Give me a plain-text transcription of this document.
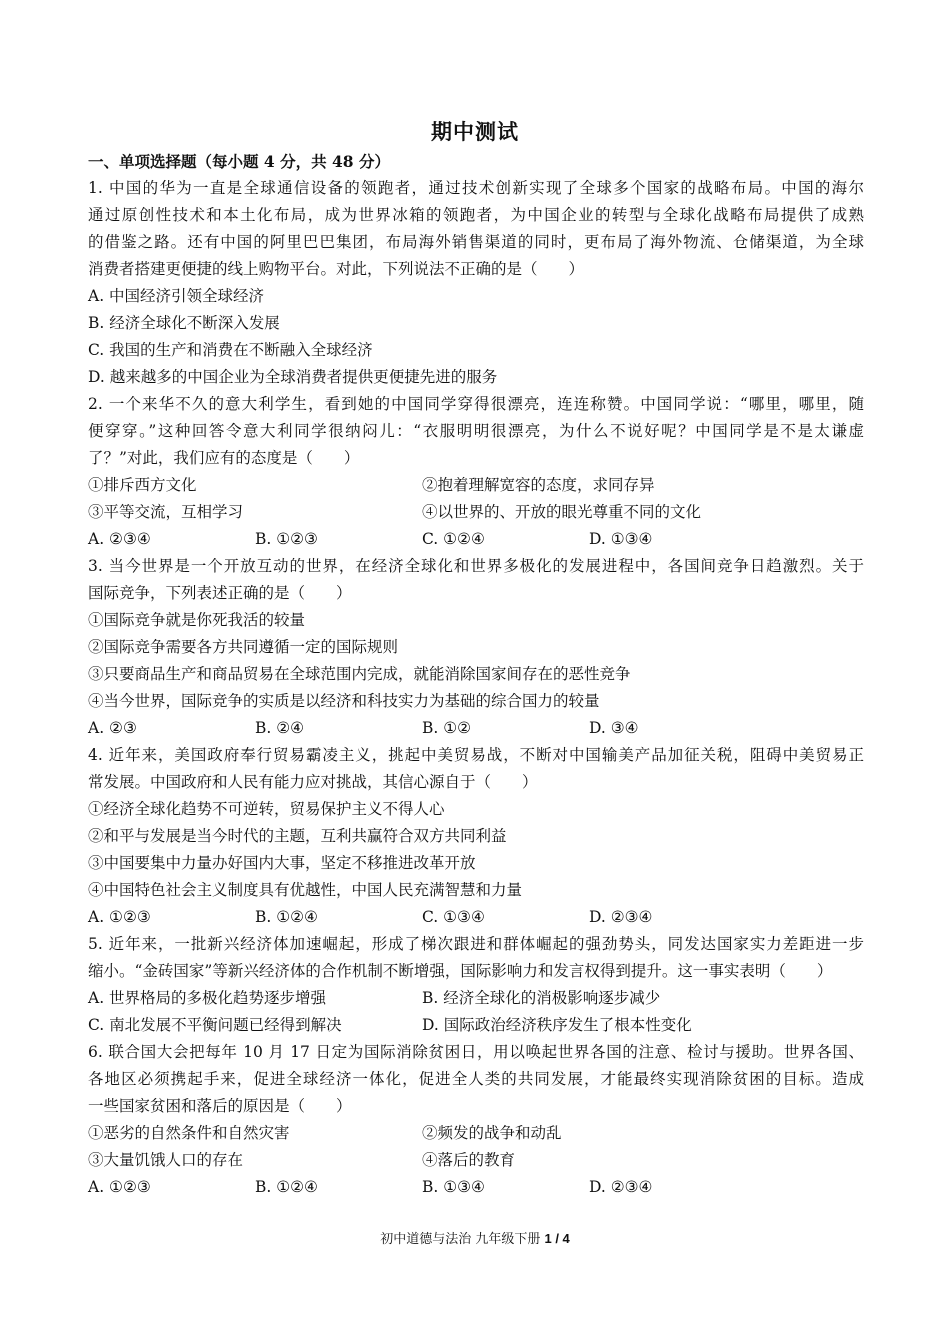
期中测试
一、单项选择题（每小题 4 分，共 48 分）
1. 中国的华为一直是全球通信设备的领跑者，通过技术创新实现了全球多个国家的战略布局。中国的海尔
通过原创性技术和本土化布局，成为世界冰箱的领跑者，为中国企业的转型与全球化战略布局提供了成熟
的借鉴之路。还有中国的阿里巴巴集团，布局海外销售渠道的同时，更布局了海外物流、仓储渠道，为全球
消费者搭建更便捷的线上购物平台。对此，下列说法不正确的是（　　）
A. 中国经济引领全球经济
B. 经济全球化不断深入发展
C. 我国的生产和消费在不断融入全球经济
D. 越来越多的中国企业为全球消费者提供更便捷先进的服务
2. 一个来华不久的意大利学生，看到她的中国同学穿得很漂亮，连连称赞。中国同学说：“哪里，哪里，随
便穿穿。”这种回答令意大利同学很纳闷儿：“衣服明明很漂亮，为什么不说好呢？中国同学是不是太谦虚
了？”对此，我们应有的态度是（　　）
①排斥西方文化	②抱着理解宽容的态度，求同存异
③平等交流，互相学习	④以世界的、开放的眼光尊重不同的文化
A. ②③④	B. ①②③	C. ①②④	D. ①③④
3. 当今世界是一个开放互动的世界，在经济全球化和世界多极化的发展进程中，各国间竞争日趋激烈。关于
国际竞争，下列表述正确的是（　　）
①国际竞争就是你死我活的较量
②国际竞争需要各方共同遵循一定的国际规则
③只要商品生产和商品贸易在全球范围内完成，就能消除国家间存在的恶性竞争
④当今世界，国际竞争的实质是以经济和科技实力为基础的综合国力的较量
A. ②③	B. ②④	B. ①②	D. ③④
4. 近年来，美国政府奉行贸易霸凌主义，挑起中美贸易战，不断对中国输美产品加征关税，阻碍中美贸易正
常发展。中国政府和人民有能力应对挑战，其信心源自于（　　）
①经济全球化趋势不可逆转，贸易保护主义不得人心
②和平与发展是当今时代的主题，互利共赢符合双方共同利益
③中国要集中力量办好国内大事，坚定不移推进改革开放
④中国特色社会主义制度具有优越性，中国人民充满智慧和力量
A. ①②③	B. ①②④	C. ①③④	D. ②③④
5. 近年来，一批新兴经济体加速崛起，形成了梯次跟进和群体崛起的强劲势头，同发达国家实力差距进一步
缩小。“金砖国家”等新兴经济体的合作机制不断增强，国际影响力和发言权得到提升。这一事实表明（　　）
A. 世界格局的多极化趋势逐步增强	B. 经济全球化的消极影响逐步减少
C. 南北发展不平衡问题已经得到解决	D. 国际政治经济秩序发生了根本性变化
6. 联合国大会把每年 10 月 17 日定为国际消除贫困日，用以唤起世界各国的注意、检讨与援助。世界各国、
各地区必须携起手来，促进全球经济一体化，促进全人类的共同发展，才能最终实现消除贫困的目标。造成
一些国家贫困和落后的原因是（　　）
①恶劣的自然条件和自然灾害	②频发的战争和动乱
③大量饥饿人口的存在	④落后的教育
A. ①②③	B. ①②④	B. ①③④	D. ②③④
初中道德与法治 九年级下册 1 / 4
